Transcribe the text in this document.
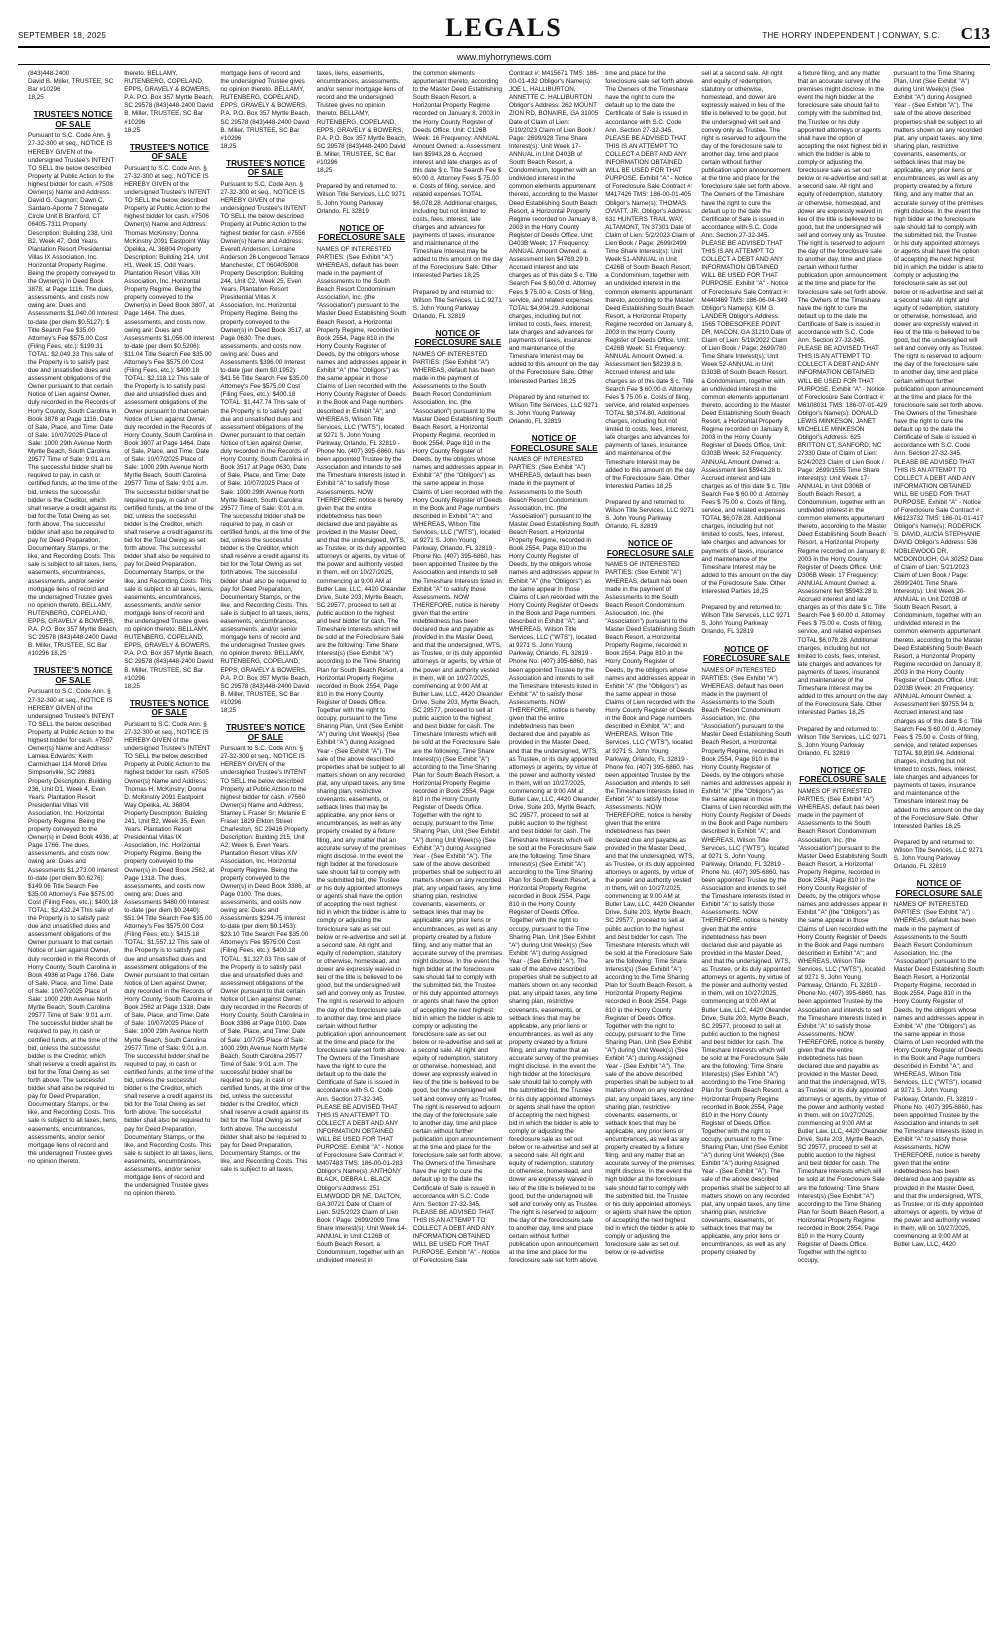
SEPTEMBER 18, 2025	LEGALS	THE HORRY INDEPENDENT | CONWAY, S.C. C13
www.myhorrynews.com
(843)448-2400
David B. Miller, TRUSTEE, SC Bar #10296
18,25
TRUSTEE'S NOTICE OF SALE
Pursuant to S.C. Code Ann. § 27-32-300 et seq., NOTICE IS HEREBY GIVEN of the undersigned Trustee's INTENT TO SELL the below described Property at Public Action to the highest bidder for cash. #7508 Owner(s) Name and Address: David G. Gagnon; Dawn C. Sardaro-Aponte 7 Stonegate Circle Unit B Branford, CT 06405-7311 Property Description: Building 238, Unit B2, Week 47, Odd Years. Plantation Resort Presidential Villas IX Association, Inc. Horizontal Property Regime. Being the property conveyed to the Owner(s) in Deed Book 3878, at Page 1116. The dues, assessments, and costs now owing are: Dues and Assessments $1,040.00 Interest to-date (per diem $0.5127): $ Title Search Fee $35.00 Attorney's Fee $575.00 Cost (Filing Fees, etc.): $199.31 TOTAL: $2,049.33 This sale of the Property is to satisfy past due and unsatisfied dues and assessment obligations of the Owner pursuant to that certain Notice of Lien against Owner, duly recorded in the Records of Horry County, South Carolina in Book 3878 at Page 1116. Date of Sale, Place, and Time: Date of Sale: 10/07/2025 Place of Sale: 1000 29th Avenue North Myrtle Beach, South Carolina 29577 Time of Sale: 9:01 a.m. The successful bidder shall be required to pay, in cash or certified funds, at the time of the bid, unless the successful bidder is the Creditor, which shall reserve a credit against its bid for the Total Owing as set forth above. The successful bidder shall also be required to pay for Deed Preparation, Documentary Stamps, or the like, and Recording Costs. This sale is subject to all taxes, liens, easements, encumbrances, assessments, and/or senior mortgage liens of record and the undersigned Trustee gives no opinion thereto. BELLAMY, RUTENBERG, COPELAND, EPPS, GRAVELY & BOWERS, P.A. P.O. Box 357 Myrtle Beach, SC 29578 (843)448-2400 David B. Miller, TRUSTEE, SC Bar #10296 18,25
TRUSTEE'S NOTICE OF SALE
Pursuant to S.C. Code Ann. § 27-32-300 et seq., NOTICE IS HEREBY GIVEN of the undersigned Trustee's INTENT TO SELL the below described Property at Public Action to the highest bidder for cash. #7507 Owner(s) Name and Address: Lamiea Edwards; Keith Carmichael 114 Morell Drive Simpsonville, SC 29681 Property Description: Building 236, Unit D1, Week 4, Even Years. Plantation Resort Presidential Villas VIII Association, Inc. Horizontal Property Regime. Being the property conveyed to the Owner(s) in Deed Book 4936, at Page 1766. The dues, assessments, and costs now owing are: Dues and Assessments $1,273.00 Interest to-date (per diem $0.6276): $149.06 Title Search Fee $35.00 Attorney's Fee $575.00 Cost (Filing Fees, etc.): $400.18 TOTAL: $2,432.24 This sale of the Property is to satisfy past due and unsatisfied dues and assessment obligations of the Owner pursuant to that certain Notice of Lien against Owner, duly recorded in the Records of Horry County, South Carolina in Book 4936 at Page 1766. Date of Sale, Place, and Time: Date of Sale: 10/07/2025 Place of Sale: 1000 29th Avenue North Myrtle Beach, South Carolina 29577 Time of Sale: 9:01 a.m. The successful bidder shall be required to pay, in cash or certified funds, at the time of the bid, unless the successful bidder is the Creditor, which shall reserve a credit against its bid for the Total Owing as set forth above. The successful bidder shall also be required to pay for Deed Preparation, Documentary Stamps, or the like, and Recording Costs. This sale is subject to all taxes, liens, easements, encumbrances, assessments, and/or senior mortgage liens of record and the undersigned Trustee gives no opinion thereto.
thereto. BELLAMY, RUTENBERG, COPELAND, EPPS, GRAVELY & BOWERS, P.A. P.O. Box 357 Myrtle Beach, SC 29578 (843)448-2400 David B. Miller, TRUSTEE, SC Bar #10296
18,25
TRUSTEE'S NOTICE OF SALE
Pursuant to S.C. Code Ann. § 27-32-300 et seq., NOTICE IS HEREBY GIVEN of the undersigned Trustee's INTENT TO SELL the below described Property at Public Action to the highest bidder for cash. #7506 Owner(s) Name and Address: Thomas McKinstry; Donna McKinstry 2091 Eastpoint Way Opelika, AL 36804 Property Description: Building 214, Unit H1, Week 15, Odd Years. Plantation Resort Villas XIII Association, Inc. Horizontal Property Regime. Being the property conveyed to the Owner(s) in Deed Book 3807, at Page 1464. The dues, assessments, and costs now owing are: Dues and Assessments $1,056.00 Interest to-date (per diem $0.5206): $11.04 Title Search Fee $35.00 Attorney's Fee $575.00 Cost (Filing Fees, etc.): $400.18 TOTAL: $2,118.12 This sale of the Property is to satisfy past due and unsatisfied dues and assessment obligations of the Owner pursuant to that certain Notice of Lien against Owner, duly recorded in the Records of Horry County, South Carolina in Book 3807 at Page 1464. Date of Sale, Place, and Time: Date of Sale: 10/07/2025 Place of Sale: 1000 29th Avenue North Myrtle Beach, South Carolina 29577 Time of Sale: 9:01 a.m. The successful bidder shall be required to pay, in cash or certified funds, at the time of the bid, unless the successful bidder is the Creditor, which shall reserve a credit against its bid for the Total Owing as set forth above. The successful bidder shall also be required to pay for Deed Preparation, Documentary Stamps, or the like, and Recording Costs. This sale is subject to all taxes, liens, easements, encumbrances, assessments, and/or senior mortgage liens of record and the undersigned Trustee gives no opinion thereto. BELLAMY, RUTENBERG, COPELAND, EPPS, GRAVELY & BOWERS, P.A. P.O. Box 357 Myrtle Beach, SC 29578 (843)448-2400 David B. Miller, TRUSTEE, SC Bar #10296
18,25
TRUSTEE'S NOTICE OF SALE
Pursuant to S.C. Code Ann. § 27-32-300 et seq., NOTICE IS HEREBY GIVEN of the undersigned Trustee's INTENT TO SELL the below described Property at Public Action to the highest bidder for cash. #7505 Owner(s) Name and Address: Thomas H. McKinstry; Donna D. McKinstry 2091 Eastpoint Way Opelika, AL 36804 Property Description: Building 241, Unit B2, Week 35, Even Years. Plantation Resort Presidential Villas IX Association, Inc. Horizontal Property Regime. Being the property conveyed to the Owner(s) in Deed Book 2562, at Page 1318. The dues, assessments, and costs now owing are: Dues and Assessments $480.00 Interest to-date (per diem $0.2440): $51.94 Title Search Fee $35.00 Attorney's Fee $575.00 Cost (Filing Fees, etc.): $415.18 TOTAL: $1,557.12 This sale of the Property is to satisfy past due and unsatisfied dues and assessment obligations of the Owner pursuant to that certain Notice of Lien against Owner, duly recorded in the Records of Horry County, South Carolina in Book 2562 at Page 1318. Date of Sale, Place, and Time: Date of Sale: 10/07/2025 Place of Sale: 1000 29th Avenue North Myrtle Beach, South Carolina 29577 Time of Sale: 9:01 a.m. The successful bidder shall be required to pay, in cash or certified funds, at the time of the bid, unless the successful bidder is the Creditor, which shall reserve a credit against its bid for the Total Owing as set forth above. The successful bidder shall also be required to pay for Deed Preparation, Documentary Stamps, or the like, and Recording Costs. This sale is subject to all taxes, liens, easements, encumbrances, assessments, and/or senior mortgage liens of record and the undersigned Trustee gives no opinion thereto.
mortgage liens of record and the undersigned Trustee gives no opinion thereto. BELLAMY, RUTENBERG, COPELAND, EPPS, GRAVELY & BOWERS, P.A. P.O. Box 357 Myrtle Beach, SC 29578 (843)448-2400 David B. Miller, TRUSTEE, SC Bar #10296
18,25
TRUSTEE'S NOTICE OF SALE
Pursuant to S.C. Code Ann. § 27-32-300 et seq., NOTICE IS HEREBY GIVEN of the undersigned Trustee's INTENT TO SELL the below described Property at Public Action to the highest bidder for cash. #7556 Owner(s) Name and Address: Everett Anderson; Lorraine Anderson 26 Longwood Terrace Manchester, CT 060405908 Property Description: Building 244, Unit C2, Week 25, Even Years. Plantation Resort Presidential Villas X Association, Inc. Horizontal Property Regime. Being the property conveyed to the Owner(s) in Deed Book 3517, at Page 0630. The dues, assessments, and costs now owing are: Dues and Assessments $396.00 Interest to-date (per diem $0.1952): $41.56 Title Search Fee $35.00 Attorney's Fee $575.00 Cost (Filing Fees, etc.): $400.18 TOTAL: $1,447.74 This sale of the Property is to satisfy past due and unsatisfied dues and assessment obligations of the Owner pursuant to that certain Notice of Lien against Owner, duly recorded in the Records of Horry County, South Carolina in Book 3517 at Page 0630. Date of Sale, Place, and Time: Date of Sale: 10/07/2025 Place of Sale: 1000 29th Avenue North Myrtle Beach, South Carolina 29577 Time of Sale: 9:01 a.m. The successful bidder shall be required to pay, in cash or certified funds, at the time of the bid, unless the successful bidder is the Creditor, which shall reserve a credit against its bid for the Total Owing as set forth above. The successful bidder shall also be required to pay for Deed Preparation, Documentary Stamps, or the like, and Recording Costs. This sale is subject to all taxes, liens, easements, encumbrances, assessments, and/or senior mortgage liens of record and the undersigned Trustee gives no opinion thereto. BELLAMY, RUTENBERG, COPELAND, EPPS, GRAVELY & BOWERS, P.A. P.O. Box 357 Myrtle Beach, SC 29578 (843)448-2400 David B. Miller, TRUSTEE, SC Bar #10296
18,25
TRUSTEE'S NOTICE OF SALE
Pursuant to S.C. Code Ann. § 27-32-300 et seq., NOTICE IS HEREBY GIVEN of the undersigned Trustee's INTENT TO SELL the below described Property at Public Action to the highest bidder for cash. #7560 Owner(s) Name and Address: Stanley L Fraser Sr; Melanie E Fraser 1829 Elkton Street Charleston, SC 29416 Property Description: Building 215, Unit A2, Week 6, Even Years. Plantation Resort Villas XIV Association, Inc. Horizontal Property Regime. Being the property conveyed to the Owner(s) in Deed Book 3386, at Page 0100. The dues, assessments, and costs now owing are: Dues and Assessments $294.75 Interest to-date (per diem $0.1453): $23.10 Title Search Fee $35.00 Attorney's Fee $575.00 Cost (Filing Fees, etc.): $400.18 TOTAL: $1,327.03 This sale of the Property is to satisfy past due and unsatisfied dues and assessment obligations of the Owner pursuant to that certain Notice of Lien against Owner, duly recorded in the Records of Horry County, South Carolina in Book 3386 at Page 0100. Date of Sale, Place, and Time: Date of Sale: 10/7/25 Place of Sale: 1000 29th Avenue North Myrtle Beach, South Carolina 29577 Time of Sale: 9:01 a.m. The successful bidder shall be required to pay, in cash or certified funds, at the time of the bid, unless the successful bidder is the Creditor, which shall reserve a credit against its bid for the Total Owing as set forth above. The successful bidder shall also be required to pay for Deed Preparation, Documentary Stamps, or the like, and Recording Costs. This sale is subject to all taxes,
taxes, liens, easements, encumbrances, assessments, and/or senior mortgage liens of record and the undersigned Trustee gives no opinion thereto. BELLAMY, RUTENBERG, COPELAND, EPPS, GRAVELY & BOWERS, P.A. P.O. Box 357 Myrtle Beach, SC 29578 (843)448-2400 David B. Miller, TRUSTEE, SC Bar #10296
18,25

Prepared by and returned to: Wilson Title Services, LLC 9271 S. John Young Parkway Orlando, FL 32819
NOTICE OF FORECLOSURE SALE
NAMES OF INTERESTED PARTIES: (See Exhibit "A") WHEREAS, default has been made in the payment of Assessments to the South Beach Resort Condominium Association, Inc. (the "Association") pursuant to the Master Deed Establishing South Beach Resort, a Horizontal Property Regime, recorded in Book 2554, Page 810 in the Horry County Register of Deeds, by the obligors whose names and addresses appear in Exhibit "A" (the "Obligors") as the same appear in those Claims of Lien recorded with the Horry County Register of Deeds in the Book and Page numbers described in Exhibit "A"; and WHEREAS, Wilson Title Services, LLC ("WTS"), located at 9271 S. John Young Parkway, Orlando, FL 32819 - Phone No. (407) 395-6860, has been appointed Trustee by the Association and intends to sell the Timeshare Interests listed in Exhibit "A" to satisfy those Assessments. NOW THEREFORE, notice is hereby given that the entire indebtedness has been declared due and payable as provided in the Master Deed, and that the undersigned, WTS, as Trustee, or its duly appointed attorneys or agents, by virtue of the power and authority vested in them, will on 10/27/2025, commencing at 9:00 AM at Butler Law, LLC, 4420 Oleander Drive, Suite 203, Myrtle Beach, SC 29577, proceed to sell at public auction to the highest and best bidder for cash. The Timeshare Interests which will be sold at the Foreclosure Sale are the following: Time Share Interest(s) (See Exhibit "A") according to the Time Sharing Plan for South Beach Resort, a Horizontal Property Regime recorded in Book 2554, Page 810 in the Horry County Register of Deeds Office. Together with the right to occupy, pursuant to the Time Sharing Plan, Unit (See Exhibit "A") during Unit Week(s) (See Exhibit "A") during Assigned Year - (See Exhibit "A"). The sale of the above described properties shall be subject to all matters shown on any recorded plat, any unpaid taxes, any time sharing plan, restrictive covenants, easements, or setback lines that may be applicable, any prior liens or encumbrances, as well as any property created by a fixture filing, and any matter that an accurate survey of the premises might disclose. In the event the high bidder at the foreclosure sale should fail to comply with the submitted bid, the Trustee or his duly appointed attorneys or agents shall have the option of accepting the next highest bid in which the bidder is able to comply or adjusting the foreclosure sale as set out below or re-advertise and sell at a second sale. All right and equity of redemption, statutory or otherwise, homestead, and dower are expressly waived in lieu of the title is believed to be good, but the undersigned will sell and convey only as Trustee. The right is reserved to adjourn the day of the foreclosure sale to another day, time and place certain without further publication upon announcement at the time and place for the foreclosure sale set forth above. The Owners of the Timeshare have the right to cure the default up to the date the Certificate of Sale is issued in accordance with S.C. Code Ann. Section 27-32-345. PLEASE BE ADVISED THAT THIS IS AN ATTEMPT TO COLLECT A DEBT AND ANY INFORMATION OBTAINED WILL BE USED FOR THAT PURPOSE. Exhibit "A" - Notice of Foreclosure Sale Contract #: M407483 TMS: 186-00-01-283 Obligor's Name(s): ANTHONY BLACK, DEBRA L. BLACK Obligor's Address: 251 ELMWOOD DR NE, DALTON, GA 30721 Date of Claim of Lien: 5/25/2023 Claim of Lien Book / Page: 2699/2009 Time Share Interest(s): Unit Week 14-ANNUAL in Unit C126B of South Beach Resort, a Condominium, together with an undivided interest in
the common elements appurtenant thereto, according to the Master Deed Establishing South Beach Resort, a Horizontal Property Regime recorded on January 8, 2003 in the Horry County Register of Deeds Office. Unit: C126B Week: 16 Frequency: ANNUAL Amount Owned: a. Assessment lien $5943.28 b. Accrued interest and late charges as of this date $ c. Title Search Fee $ 60.00 d. Attorney Fees $ 75.00 e. Costs of filing, service, and related expenses TOTAL $6,078.28. Additional charges, including but not limited to costs, fees, interest, late charges and advances for payments of taxes, insurance and maintenance of the Timeshare Interest may be added to this amount on the day of the Foreclosure Sale. Other Interested Parties 18,25

Prepared by and returned to: Wilson Title Services, LLC 9271 S. John Young Parkway Orlando, FL 32819
NOTICE OF FORECLOSURE SALE
NAMES OF INTERESTED PARTIES: (See Exhibit "A") WHEREAS, default has been made in the payment of Assessments to the South Beach Resort Condominium Association, Inc. (the "Association") pursuant to the Master Deed Establishing South Beach Resort, a Horizontal Property Regime, recorded in Book 2554, Page 810 in the Horry County Register of Deeds, by the obligors whose names and addresses appear in Exhibit "A" (the "Obligors") as the same appear in those Claims of Lien recorded with the Horry County Register of Deeds in the Book and Page numbers described in Exhibit "A"; and WHEREAS, Wilson Title Services, LLC ("WTS"), located at 9271 S. John Young Parkway, Orlando, FL 32819 - Phone No. (407) 395-6860, has been appointed Trustee by the Association and intends to sell the Timeshare Interests listed in Exhibit "A" to satisfy those Assessments. NOW THEREFORE, notice is hereby given that the entire indebtedness has been declared due and payable as provided in the Master Deed, and that the undersigned, WTS, as Trustee, or its duly appointed attorneys or agents, by virtue of the power and authority vested in them, will on 10/27/2025, commencing at 9:00 AM at Butler Law, LLC, 4420 Oleander Drive, Suite 203, Myrtle Beach, SC 29577, proceed to sell at public auction to the highest and best bidder for cash. The Timeshare Interests which will be sold at the Foreclosure Sale are the following: Time Share Interest(s) (See Exhibit "A") according to the Time Sharing Plan for South Beach Resort, a Horizontal Property Regime recorded in Book 2554, Page 810 in the Horry County Register of Deeds Office. Together with the right to occupy, pursuant to the Time Sharing Plan, Unit (See Exhibit "A") during Unit Week(s) (See Exhibit "A") during Assigned Year - (See Exhibit "A"). The sale of the above described properties shall be subject to all matters shown on any recorded plat, any unpaid taxes, any time sharing plan, restrictive covenants, easements, or setback lines that may be applicable, any prior liens or encumbrances, as well as any property created by a fixture filing, and any matter that an accurate survey of the premises might disclose. In the event the high bidder at the foreclosure sale should fail to comply with the submitted bid, the Trustee or his duly appointed attorneys or agents shall have the option of accepting the next highest bid in which the bidder is able to comply or adjusting the foreclosure sale as set out below or re-advertise and sell at a second sale. All right and equity of redemption, statutory or otherwise, homestead, and dower are expressly waived in lieu of the title is believed to be good, but the undersigned will sell and convey only as Trustee. The right is reserved to adjourn the day of the foreclosure sale to another day, time and place certain without further publication upon announcement at the time and place for the foreclosure sale set forth above. The Owners of the Timeshare have the right to cure the default up to the date the Certificate of Sale is issued in accordance with S.C. Code Ann. Section 27-32-345. PLEASE BE ADVISED THAT THIS IS AN ATTEMPT TO COLLECT A DEBT AND ANY INFORMATION OBTAINED WILL BE USED FOR THAT PURPOSE. Exhibit "A" - Notice of Foreclosure Sale
Contract #: M415671 TMS: 186-00-01-432 Obligor's Name(s): JOE L. HALLIBURTON, ANNETTE C. HALLIBURTON Obligor's Address: 262 MOUNT ZION RD, BONAIRE, GA 31005 Date of Claim of Lien: 5/19/2023 Claim of Lien Book / Page: 2699/928 Time Share Interest(s): Unit Week 17-ANNUAL in Unit D403B of South Beach Resort, a Condominium, together with an undivided interest in the common elements appurtenant thereto, according to the Master Deed Establishing South Beach Resort, a Horizontal Property Regime recorded on January 8, 2003 in the Horry County Register of Deeds Office. Unit: D403B Week: 17 Frequency: ANNUAL Amount Owned: a. Assessment lien $4769.29 b. Accrued interest and late charges as of this date $ c. Title Search Fee $ 60.00 d. Attorney Fees $ 75.00 e. Costs of filing, service, and related expenses TOTAL $4,904.29. Additional charges, including but not limited to costs, fees, interest, late charges and advances for payments of taxes, insurance and maintenance of the Timeshare Interest may be added to this amount on the day of the Foreclosure Sale. Other Interested Parties 18,25

Prepared by and returned to: Wilson Title Services, LLC 9271 S. John Young Parkway Orlando, FL 32819
NOTICE OF FORECLOSURE SALE
NAMES OF INTERESTED PARTIES: (See Exhibit "A") WHEREAS, default has been made in the payment of Assessments to the South Beach Resort Condominium Association, Inc. (the "Association") pursuant to the Master Deed Establishing South Beach Resort, a Horizontal Property Regime, recorded in Book 2554, Page 810 in the Horry County Register of Deeds, by the obligors whose names and addresses appear in Exhibit "A" (the "Obligors") as the same appear in those Claims of Lien recorded with the Horry County Register of Deeds in the Book and Page numbers described in Exhibit "A"; and WHEREAS, Wilson Title Services, LLC ("WTS"), located at 9271 S. John Young Parkway, Orlando, FL 32819 - Phone No. (407) 395-6860, has been appointed Trustee by the Association and intends to sell the Timeshare Interests listed in Exhibit "A" to satisfy those Assessments. NOW THEREFORE, notice is hereby given that the entire indebtedness has been declared due and payable as provided in the Master Deed, and that the undersigned, WTS, as Trustee, or its duly appointed attorneys or agents, by virtue of the power and authority vested in them, will on 10/27/2025, commencing at 9:00 AM at Butler Law, LLC, 4420 Oleander Drive, Suite 203, Myrtle Beach, SC 29577, proceed to sell at public auction to the highest and best bidder for cash. The Timeshare Interests which will be sold at the Foreclosure Sale are the following: Time Share Interest(s) (See Exhibit "A") according to the Time Sharing Plan for South Beach Resort, a Horizontal Property Regime recorded in Book 2554, Page 810 in the Horry County Register of Deeds Office. Together with the right to occupy, pursuant to the Time Sharing Plan, Unit (See Exhibit "A") during Unit Week(s) (See Exhibit "A") during Assigned Year - (See Exhibit "A"). The sale of the above described properties shall be subject to all matters shown on any recorded plat, any unpaid taxes, any time sharing plan, restrictive covenants, easements, or setback lines that may be applicable, any prior liens or encumbrances, as well as any property created by a fixture filing, and any matter that an accurate survey of the premises might disclose. In the event the high bidder at the foreclosure sale should fail to comply with the submitted bid, the Trustee or his duly appointed attorneys or agents shall have the option of accepting the next highest bid in which the bidder is able to comply or adjusting the foreclosure sale as set out below or re-advertise and sell at a second sale. All right and equity of redemption, statutory or otherwise, homestead, and dower are expressly waived in lieu of the title is believed to be good, but the undersigned will sell and convey only as Trustee. The right is reserved to adjourn the day of the foreclosure sale to another day, time and place certain without further publication upon announcement at the time and place for the foreclosure sale set forth above.
time and place for the foreclosure sale set forth above. The Owners of the Timeshare have the right to cure the default up to the date the Certificate of Sale is issued in accordance with S.C. Code Ann. Section 27-32-345. PLEASE BE ADVISED THAT THIS IS AN ATTEMPT TO COLLECT A DEBT AND ANY INFORMATION OBTAINED WILL BE USED FOR THAT PURPOSE. Exhibit "A" - Notice of Foreclosure Sale Contract #: M417426 TMS: 186-00-01-405 Obligor's Name(s): THOMAS OVIATT, JR. Obligor's Address: 631 HUNTERS TRAIL WAY, ALTAMONT, TN 37301 Date of Claim of Lien: 5/2/2023 Claim of Lien Book / Page: 2699/2499 Time Share Interest(s): Unit Week 51-ANNUAL in Unit C426B of South Beach Resort, a Condominium, together with an undivided interest in the common elements appurtenant thereto, according to the Master Deed Establishing South Beach Resort, a Horizontal Property Regime recorded on January 8, 2003 in the Horry County Register of Deeds Office. Unit: C426B Week: 51 Frequency: ANNUAL Amount Owned: a. Assessment lien $8239.8 b. Accrued interest and late charges as of this date $ c. Title Search Fee $ 60.00 d. Attorney Fees $ 75.00 e. Costs of filing, service, and related expenses TOTAL $8,374.80. Additional charges, including but not limited to costs, fees, interest, late charges and advances for payments of taxes, insurance and maintenance of the Timeshare Interest may be added to this amount on the day of the Foreclosure Sale. Other Interested Parties 18,25

Prepared by and returned to: Wilson Title Services, LLC 9271 S. John Young Parkway Orlando, FL 32819
NOTICE OF FORECLOSURE SALE
NAMES OF INTERESTED PARTIES: (See Exhibit "A") WHEREAS, default has been made in the payment of Assessments to the South Beach Resort Condominium Association, Inc. (the "Association") pursuant to the Master Deed Establishing South Beach Resort, a Horizontal Property Regime, recorded in Book 2554, Page 810 in the Horry County Register of Deeds, by the obligors whose names and addresses appear in Exhibit "A" (the "Obligors") as the same appear in those Claims of Lien recorded with the Horry County Register of Deeds in the Book and Page numbers described in Exhibit "A"; and WHEREAS, Wilson Title Services, LLC ("WTS"), located at 9271 S. John Young Parkway, Orlando, FL 32819 - Phone No. (407) 395-6860, has been appointed Trustee by the Association and intends to sell the Timeshare Interests listed in Exhibit "A" to satisfy those Assessments. NOW THEREFORE, notice is hereby given that the entire indebtedness has been declared due and payable as provided in the Master Deed, and that the undersigned, WTS, as Trustee, or its duly appointed attorneys or agents, by virtue of the power and authority vested in them, will on 10/27/2025, commencing at 9:00 AM at Butler Law, LLC, 4420 Oleander Drive, Suite 203, Myrtle Beach, SC 29577, proceed to sell at public auction to the highest and best bidder for cash. The Timeshare Interests which will be sold at the Foreclosure Sale are the following: Time Share Interest(s) (See Exhibit "A") according to the Time Sharing Plan for South Beach Resort, a Horizontal Property Regime recorded in Book 2554, Page 810 in the Horry County Register of Deeds Office. Together with the right to occupy, pursuant to the Time Sharing Plan, Unit (See Exhibit "A") during Unit Week(s) (See Exhibit "A") during Assigned Year - (See Exhibit "A"). The sale of the above described properties shall be subject to all matters shown on any recorded plat, any unpaid taxes, any time sharing plan, restrictive covenants, easements, or setback lines that may be applicable, any prior liens or encumbrances, as well as any property created by a fixture filing, and any matter that an accurate survey of the premises might disclose. In the event the high bidder at the foreclosure sale should fail to comply with the submitted bid, the Trustee or his duly appointed attorneys or agents shall have the option of accepting the next highest bid in which the bidder is able to comply or adjusting the foreclosure sale as set out below or re-advertise
sell at a second sale. All right and equity of redemption, statutory or otherwise, homestead, and dower are expressly waived in lieu of the title is believed to be good, but the undersigned will sell and convey only as Trustee. The right is reserved to adjourn the day of the foreclosure sale to another day, time and place certain without further publication upon announcement at the time and place for the foreclosure sale set forth above. The Owners of the Timeshare have the right to cure the default up to the date the Certificate of Sale is issued in accordance with S.C. Code Ann. Section 27-32-345. PLEASE BE ADVISED THAT THIS IS AN ATTEMPT TO COLLECT A DEBT AND ANY INFORMATION OBTAINED WILL BE USED FOR THAT PURPOSE. Exhibit "A" - Notice of Foreclosure Sale Contract #: M440469 TMS: 186-06-04-349 Obligor's Name(s): KIM G. LANDER Obligor's Address: 1565 TOBESOFKEE POINT DR, MACON, GA 31210 Date of Claim of Lien: 5/19/2022 Claim of Lien Book / Page: 2699/780 Time Share Interest(s): Unit Week 52-ANNUAL in Unit G303B of South Beach Resort, a Condominium, together with an undivided interest in the common elements appurtenant thereto, according to the Master Deed Establishing South Beach Resort, a Horizontal Property Regime recorded on January 8, 2003 in the Horry County Register of Deeds Office. Unit: G303B Week: 52 Frequency: ANNUAL Amount Owned: a. Assessment lien $5943.28 b. Accrued interest and late charges as of this date $ c. Title Search Fee $ 60.00 d. Attorney Fees $ 75.00 e. Costs of filing, service, and related expenses TOTAL $6,078.28. Additional charges, including but not limited to costs, fees, interest, late charges and advances for payments of taxes, insurance and maintenance of the Timeshare Interest may be added to this amount on the day of the Foreclosure Sale. Other Interested Parties 18,25

Prepared by and returned to: Wilson Title Services, LLC 9271 S. John Young Parkway Orlando, FL 32819
NOTICE OF FORECLOSURE SALE
NAMES OF INTERESTED PARTIES: (See Exhibit "A") WHEREAS, default has been made in the payment of Assessments to the South Beach Resort Condominium Association, Inc. (the "Association") pursuant to the Master Deed Establishing South Beach Resort, a Horizontal Property Regime, recorded in Book 2554, Page 810 in the Horry County Register of Deeds, by the obligors whose names and addresses appear in Exhibit "A" (the "Obligors") as the same appear in those Claims of Lien recorded with the Horry County Register of Deeds in the Book and Page numbers described in Exhibit "A"; and WHEREAS, Wilson Title Services, LLC ("WTS"), located at 9271 S. John Young Parkway, Orlando, FL 32819 - Phone No. (407) 395-6860, has been appointed Trustee by the Association and intends to sell the Timeshare Interests listed in Exhibit "A" to satisfy those Assessments. NOW THEREFORE, notice is hereby given that the entire indebtedness has been declared due and payable as provided in the Master Deed, and that the undersigned, WTS, as Trustee, or its duly appointed attorneys or agents, by virtue of the power and authority vested in them, will on 10/27/2025, commencing at 9:00 AM at Butler Law, LLC, 4420 Oleander Drive, Suite 203, Myrtle Beach, SC 29577, proceed to sell at public auction to the highest and best bidder for cash. The Timeshare Interests which will be sold at the Foreclosure Sale are the following: Time Share Interest(s) (See Exhibit "A") according to the Time Sharing Plan for South Beach Resort, a Horizontal Property Regime recorded in Book 2554, Page 810 in the Horry County Register of Deeds Office. Together with the right to occupy, pursuant to the Time Sharing Plan, Unit (See Exhibit "A") during Unit Week(s) (See Exhibit "A") during Assigned Year - (See Exhibit "A"). The sale of the above described properties shall be subject to all matters shown on any recorded plat, any unpaid taxes, any time sharing plan, restrictive covenants, easements, or setback lines that may be applicable, any prior liens or encumbrances, as well as any property created by
a fixture filing, and any matter that an accurate survey of the premises might disclose. In the event the high bidder at the foreclosure sale should fail to comply with the submitted bid, the Trustee or his duly appointed attorneys or agents shall have the option of accepting the next highest bid in which the bidder is able to comply or adjusting the foreclosure sale as set out below or re-advertise and sell at a second sale. All right and equity of redemption, statutory or otherwise, homestead, and dower are expressly waived in lieu of the title is believed to be good, but the undersigned will sell and convey only as Trustee. The right is reserved to adjourn the day of the foreclosure sale to another day, time and place certain without further publication upon announcement at the time and place for the foreclosure sale set forth above. The Owners of the Timeshare have the right to cure the default up to the date the Certificate of Sale is issued in accordance with S.C. Code Ann. Section 27-32-345. PLEASE BE ADVISED THAT THIS IS AN ATTEMPT TO COLLECT A DEBT AND ANY INFORMATION OBTAINED WILL BE USED FOR THAT PURPOSE. Exhibit "A" - Notice of Foreclosure Sale Contract #: M6108031 TMS: 186-07-01-429 Obligor's Name(s): DONALD LEWIS MINKESON, JANET MICHELLE MINKESON Obligor's Address: 625 BRITTON CT, SANFORD, NC 27330 Date of Claim of Lien: 5/24/2023 Claim of Lien Book / Page: 2699/1555 Time Share Interest(s): Unit Week 17-ANNUAL in Unit D306B of South Beach Resort, a Condominium, together with an undivided interest in the common elements appurtenant thereto, according to the Master Deed Establishing South Beach Resort, a Horizontal Property Regime recorded on January 8, 2003 in the Horry County Register of Deeds Office. Unit: D306B Week: 17 Frequency: ANNUAL Amount Owned: a. Assessment lien $5943.28 b. Accrued interest and late charges as of this date $ c. Title Search Fee $ 60.00 d. Attorney Fees $ 75.00 e. Costs of filing, service, and related expenses TOTAL $6,078.28. Additional charges, including but not limited to costs, fees, interest, late charges and advances for payments of taxes, insurance and maintenance of the Timeshare Interest may be added to this amount on the day of the Foreclosure Sale. Other Interested Parties 18,25

Prepared by and returned to: Wilson Title Services, LLC 9271 S. John Young Parkway Orlando, FL 32819
NOTICE OF FORECLOSURE SALE
NAMES OF INTERESTED PARTIES: (See Exhibit "A") WHEREAS, default has been made in the payment of Assessments to the South Beach Resort Condominium Association, Inc. (the "Association") pursuant to the Master Deed Establishing South Beach Resort, a Horizontal Property Regime, recorded in Book 2554, Page 810 in the Horry County Register of Deeds, by the obligors whose names and addresses appear in Exhibit "A" (the "Obligors") as the same appear in those Claims of Lien recorded with the Horry County Register of Deeds in the Book and Page numbers described in Exhibit "A"; and WHEREAS, Wilson Title Services, LLC ("WTS"), located at 9271 S. John Young Parkway, Orlando, FL 32819 - Phone No. (407) 395-6860, has been appointed Trustee by the Association and intends to sell the Timeshare Interests listed in Exhibit "A" to satisfy those Assessments. NOW THEREFORE, notice is hereby given that the entire indebtedness has been declared due and payable as provided in the Master Deed, and that the undersigned, WTS, as Trustee, or its duly appointed attorneys or agents, by virtue of the power and authority vested in them, will on 10/27/2025, commencing at 9:00 AM at Butler Law, LLC, 4420 Oleander Drive, Suite 203, Myrtle Beach, SC 29577, proceed to sell at public auction to the highest and best bidder for cash. The Timeshare Interests which will be sold at the Foreclosure Sale are the following: Time Share Interest(s) (See Exhibit "A") according to the Time Sharing Plan for South Beach Resort, a Horizontal Property Regime recorded in Book 2554, Page 810 in the Horry County Register of Deeds Office. Together with the right to occupy,
pursuant to the Time Sharing Plan, Unit (See Exhibit "A") during Unit Week(s) (See Exhibit "A") during Assigned Year - (See Exhibit "A"). The sale of the above described properties shall be subject to all matters shown on any recorded plat, any unpaid taxes, any time sharing plan, restrictive covenants, easements, or setback lines that may be applicable, any prior liens or encumbrances, as well as any property created by a fixture filing, and any matter that an accurate survey of the premises might disclose. In the event the high bidder at the foreclosure sale should fail to comply with the submitted bid, the Trustee or his duly appointed attorneys or agents shall have the option of accepting the next highest bid in which the bidder is able to comply or adjusting the foreclosure sale as set out below or re-advertise and sell at a second sale. All right and equity of redemption, statutory or otherwise, homestead, and dower are expressly waived in lieu of the title is believed to be good, but the undersigned will sell and convey only as Trustee. The right is reserved to adjourn the day of the foreclosure sale to another day, time and place certain without further publication upon announcement at the time and place for the foreclosure sale set forth above. The Owners of the Timeshare have the right to cure the default up to the date the Certificate of Sale is issued in accordance with S.C. Code Ann. Section 27-32-345. PLEASE BE ADVISED THAT THIS IS AN ATTEMPT TO COLLECT A DEBT AND ANY INFORMATION OBTAINED WILL BE USED FOR THAT PURPOSE. Exhibit "A" - Notice of Foreclosure Sale Contract #: M6123732 TMS: 186-01-01-417 Obligor's Name(s): RODERICK S. DAVID, ALICIA STEPHANIE DAVID Obligor's Address: 536 NOBLEWOOD DR, MCDONOUGH, GA 30252 Date of Claim of Lien: 5/21/2023 Claim of Lien Book / Page: 2699/2401 Time Share Interest(s): Unit Week 20-ANNUAL in Unit D203B of South Beach Resort, a Condominium, together with an undivided interest in the common elements appurtenant thereto, according to the Master Deed Establishing South Beach Resort, a Horizontal Property Regime recorded on January 8, 2003 in the Horry County Register of Deeds Office. Unit: D203B Week: 20 Frequency: ANNUAL Amount Owned: a. Assessment lien $9755.94 b. Accrued interest and late charges as of this date $ c. Title Search Fee $ 60.00 d. Attorney Fees $ 75.00 e. Costs of filing, service, and related expenses TOTAL $9,890.94. Additional charges, including but not limited to costs, fees, interest, late charges and advances for payments of taxes, insurance and maintenance of the Timeshare Interest may be added to this amount on the day of the Foreclosure Sale. Other Interested Parties 18,25

Prepared by and returned to: Wilson Title Services, LLC 9271 S. John Young Parkway Orlando, FL 32819
NOTICE OF FORECLOSURE SALE
NAMES OF INTERESTED PARTIES: (See Exhibit "A") WHEREAS, default has been made in the payment of Assessments to the South Beach Resort Condominium Association, Inc. (the "Association") pursuant to the Master Deed Establishing South Beach Resort, a Horizontal Property Regime, recorded in Book 2554, Page 810 in the Horry County Register of Deeds, by the obligors whose names and addresses appear in Exhibit "A" (the "Obligors") as the same appear in those Claims of Lien recorded with the Horry County Register of Deeds in the Book and Page numbers described in Exhibit "A"; and WHEREAS, Wilson Title Services, LLC ("WTS"), located at 9271 S. John Young Parkway, Orlando, FL 32819 - Phone No. (407) 395-6860, has been appointed Trustee by the Association and intends to sell the Timeshare Interests listed in Exhibit "A" to satisfy those Assessments. NOW THEREFORE, notice is hereby given that the entire indebtedness has been declared due and payable as provided in the Master Deed, and that the undersigned, WTS, as Trustee, or its duly appointed attorneys or agents, by virtue of the power and authority vested in them, will on 10/27/2025, commencing at 9:00 AM at Butler Law, LLC, 4420
